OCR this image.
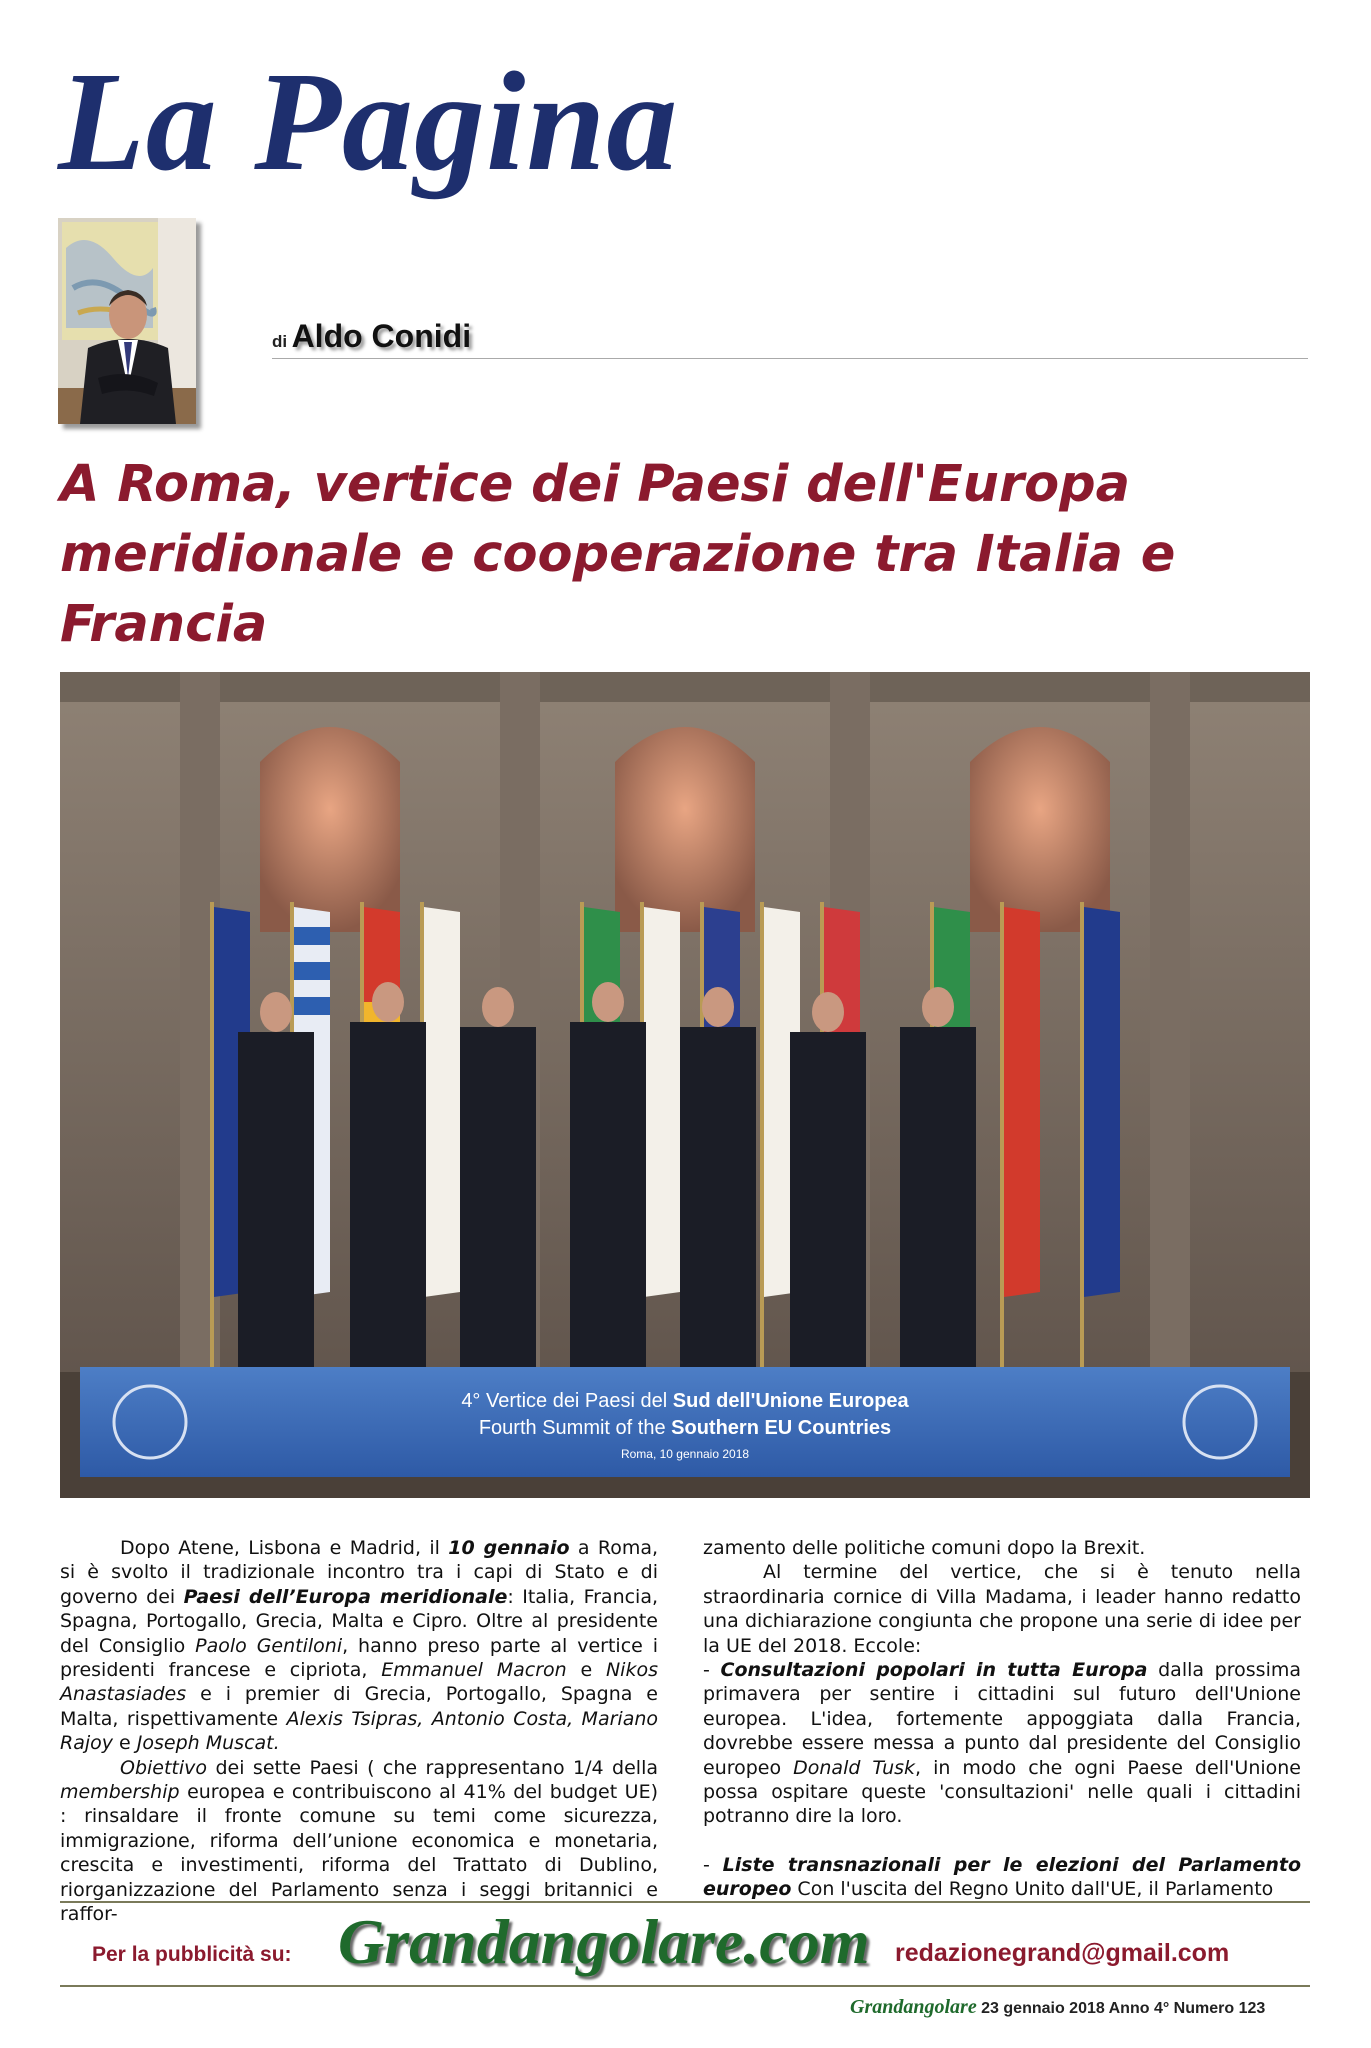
La Pagina
di Aldo Conidi
A Roma, vertice dei Paesi dell'Europa meridionale e cooperazione tra Italia e Francia
4° Vertice dei Paesi del Sud dell'Unione Europea
Fourth Summit of the Southern EU Countries
Roma, 10 gennaio 2018

Dopo Atene, Lisbona e Madrid, il 10 gennaio a Roma, si è svolto il tradizionale incontro tra i capi di Stato e di governo dei Paesi dell’Europa meridionale: Italia, Francia, Spagna, Portogallo, Grecia, Malta e Cipro. Oltre al presidente del Consiglio Paolo Gentiloni, hanno preso parte al vertice i presidenti francese e cipriota, Emmanuel Macron e Nikos Anastasiades e i premier di Grecia, Portogallo, Spagna e Malta, rispettivamente Alexis Tsipras, Antonio Costa, Mariano Rajoy e Joseph Muscat.

Obiettivo dei sette Paesi ( che rappresentano 1/4 della membership europea e contribuiscono al 41% del budget UE) : rinsaldare il fronte comune su temi come sicurezza, immigrazione, riforma dell’unione economica e monetaria, crescita e investimenti, riforma del Trattato di Dublino, riorganizzazione del Parlamento senza i seggi britannici e raffor-

zamento delle politiche comuni dopo la Brexit.

Al termine del vertice, che si è tenuto nella straordinaria cornice di Villa Madama, i leader hanno redatto una dichiarazione congiunta che propone una serie di idee per la UE del 2018. Eccole:

- Consultazioni popolari in tutta Europa dalla prossima primavera per sentire i cittadini sul futuro dell'Unione europea. L'idea, fortemente appoggiata dalla Francia, dovrebbe essere messa a punto dal presidente del Consiglio europeo Donald Tusk, in modo che ogni Paese dell'Unione possa ospitare queste 'consultazioni' nelle quali i cittadini potranno dire la loro.

- Liste transnazionali per le elezioni del Parlamento europeo Con l'uscita del Regno Unito dall'UE, il Parlamento

Per la pubblicità su: Grandangolare.com redazionegrand@gmail.com
Grandangolare 23 gennaio 2018 Anno 4° Numero 123
